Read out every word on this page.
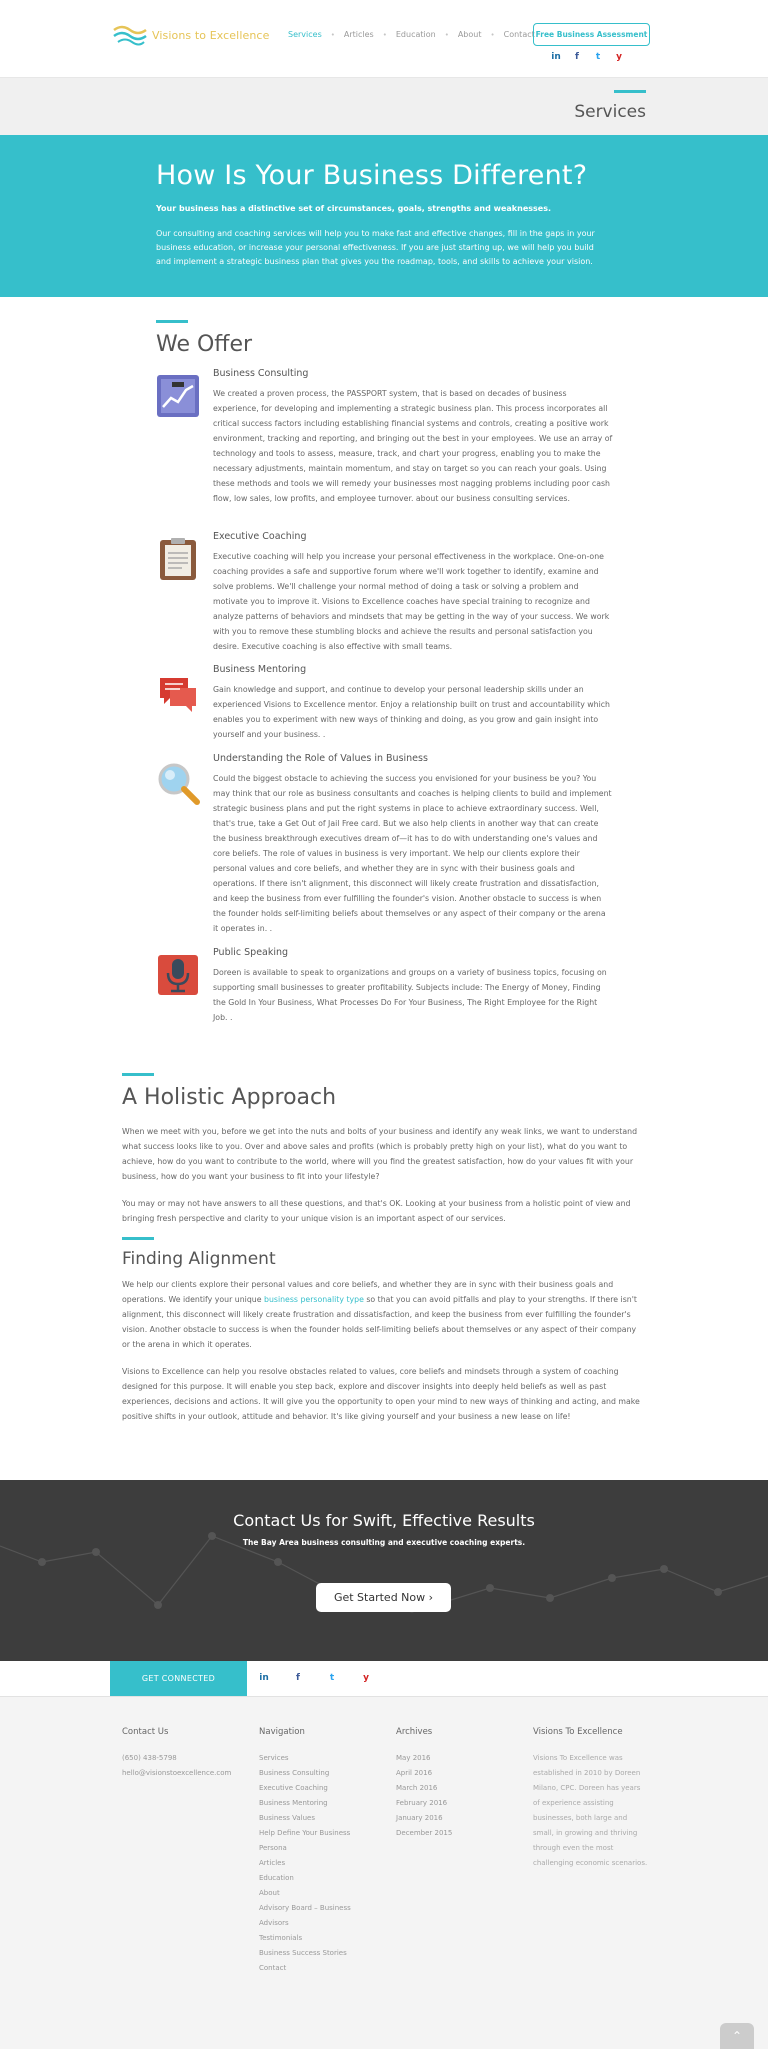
Visions to Excellence Services • Articles • Education • About • Contact Free Business Assessment
in	f	t	y
Services
How Is Your Business Different?

Your business has a distinctive set of circumstances, goals, strengths and weaknesses.

Our consulting and coaching services will help you to make fast and effective changes, fill in the gaps in your business education, or increase your personal effectiveness. If you are just starting up, we will help you build and implement a strategic business plan that gives you the roadmap, tools, and skills to achieve your vision.

We Offer
Business Consulting
We created a proven process, the PASSPORT system, that is based on decades of business experience, for developing and implementing a strategic business plan. This process incorporates all critical success factors including establishing financial systems and controls, creating a positive work environment, tracking and reporting, and bringing out the best in your employees. We use an array of technology and tools to assess, measure, track, and chart your progress, enabling you to make the necessary adjustments, maintain momentum, and stay on target so you can reach your goals. Using these methods and tools we will remedy your businesses most nagging problems including poor cash flow, low sales, low profits, and employee turnover. about our business consulting services.
Executive Coaching
Executive coaching will help you increase your personal effectiveness in the workplace. One-on-one coaching provides a safe and supportive forum where we'll work together to identify, examine and solve problems. We'll challenge your normal method of doing a task or solving a problem and motivate you to improve it. Visions to Excellence coaches have special training to recognize and analyze patterns of behaviors and mindsets that may be getting in the way of your success. We work with you to remove these stumbling blocks and achieve the results and personal satisfaction you desire. Executive coaching is also effective with small teams.
Business Mentoring
Gain knowledge and support, and continue to develop your personal leadership skills under an experienced Visions to Excellence mentor. Enjoy a relationship built on trust and accountability which enables you to experiment with new ways of thinking and doing, as you grow and gain insight into yourself and your business. .
Understanding the Role of Values in Business
Could the biggest obstacle to achieving the success you envisioned for your business be you? You may think that our role as business consultants and coaches is helping clients to build and implement strategic business plans and put the right systems in place to achieve extraordinary success. Well, that's true, take a Get Out of Jail Free card. But we also help clients in another way that can create the business breakthrough executives dream of—it has to do with understanding one's values and core beliefs. The role of values in business is very important. We help our clients explore their personal values and core beliefs, and whether they are in sync with their business goals and operations. If there isn't alignment, this disconnect will likely create frustration and dissatisfaction, and keep the business from ever fulfilling the founder's vision. Another obstacle to success is when the founder holds self-limiting beliefs about themselves or any aspect of their company or the arena it operates in. .
Public Speaking
Doreen is available to speak to organizations and groups on a variety of business topics, focusing on supporting small businesses to greater profitability. Subjects include: The Energy of Money, Finding the Gold In Your Business, What Processes Do For Your Business, The Right Employee for the Right Job. .
A Holistic Approach

When we meet with you, before we get into the nuts and bolts of your business and identify any weak links, we want to understand what success looks like to you. Over and above sales and profits (which is probably pretty high on your list), what do you want to achieve, how do you want to contribute to the world, where will you find the greatest satisfaction, how do your values fit with your business, how do you want your business to fit into your lifestyle?

You may or may not have answers to all these questions, and that's OK. Looking at your business from a holistic point of view and bringing fresh perspective and clarity to your unique vision is an important aspect of our services.

Finding Alignment

We help our clients explore their personal values and core beliefs, and whether they are in sync with their business goals and operations. We identify your unique business personality type so that you can avoid pitfalls and play to your strengths. If there isn't alignment, this disconnect will likely create frustration and dissatisfaction, and keep the business from ever fulfilling the founder's vision. Another obstacle to success is when the founder holds self-limiting beliefs about themselves or any aspect of their company or the arena in which it operates.

Visions to Excellence can help you resolve obstacles related to values, core beliefs and mindsets through a system of coaching designed for this purpose. It will enable you step back, explore and discover insights into deeply held beliefs as well as past experiences, decisions and actions. It will give you the opportunity to open your mind to new ways of thinking and acting, and make positive shifts in your outlook, attitude and behavior. It's like giving yourself and your business a new lease on life!

Contact Us for Swift, Effective Results

The Bay Area business consulting and executive coaching experts.

Get Started Now ›
GET CONNECTED	in	f	t	y
Contact Us
(650) 438-5798
hello@visionstoexcellence.com
Navigation
Services
Business Consulting
Executive Coaching
Business Mentoring
Business Values
Help Define Your Business
Persona
Articles
Education
About
Advisory Board – Business
Advisors
Testimonials
Business Success Stories
Contact
Archives
May 2016
April 2016
March 2016
February 2016
January 2016
December 2015
Visions To Excellence
Visions To Excellence was established in 2010 by Doreen Milano, CPC. Doreen has years of experience assisting businesses, both large and small, in growing and thriving through even the most challenging economic scenarios.
⌃
